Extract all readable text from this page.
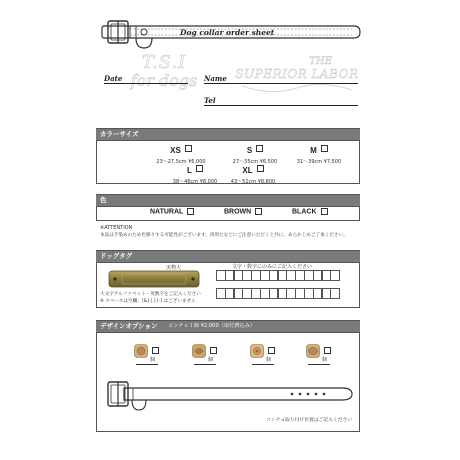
Dog collar order sheet
T.S.I
for dogs
THE
SUPERIOR LABOR
Date	Name
Tel
カラーサイズ
XS
23～27.5cm ¥6,000
S
27～35cm ¥6,500
M
31～39cm ¥7,500
L
38～46cm ¥8,000
XL
43～51cm ¥8,800
色
NATURAL	BROWN	BLACK
※ATTENTION
本品は手染めのため色移りする可能性がございます。肉厚たなどにご注意いただくと共に、あらかじめご了承ください。
ドッグタグ
実物大	文字・数字にのみにご記入ください
大文字アルファベット・英数字をご記入ください
※ スペースは空欄、[&] [.] [-] はございません
デザインオプション コンチョ１個 ¥2,000（取付費込み）
個	個	個	個
コンチョ取り付け位置はご記入ください
